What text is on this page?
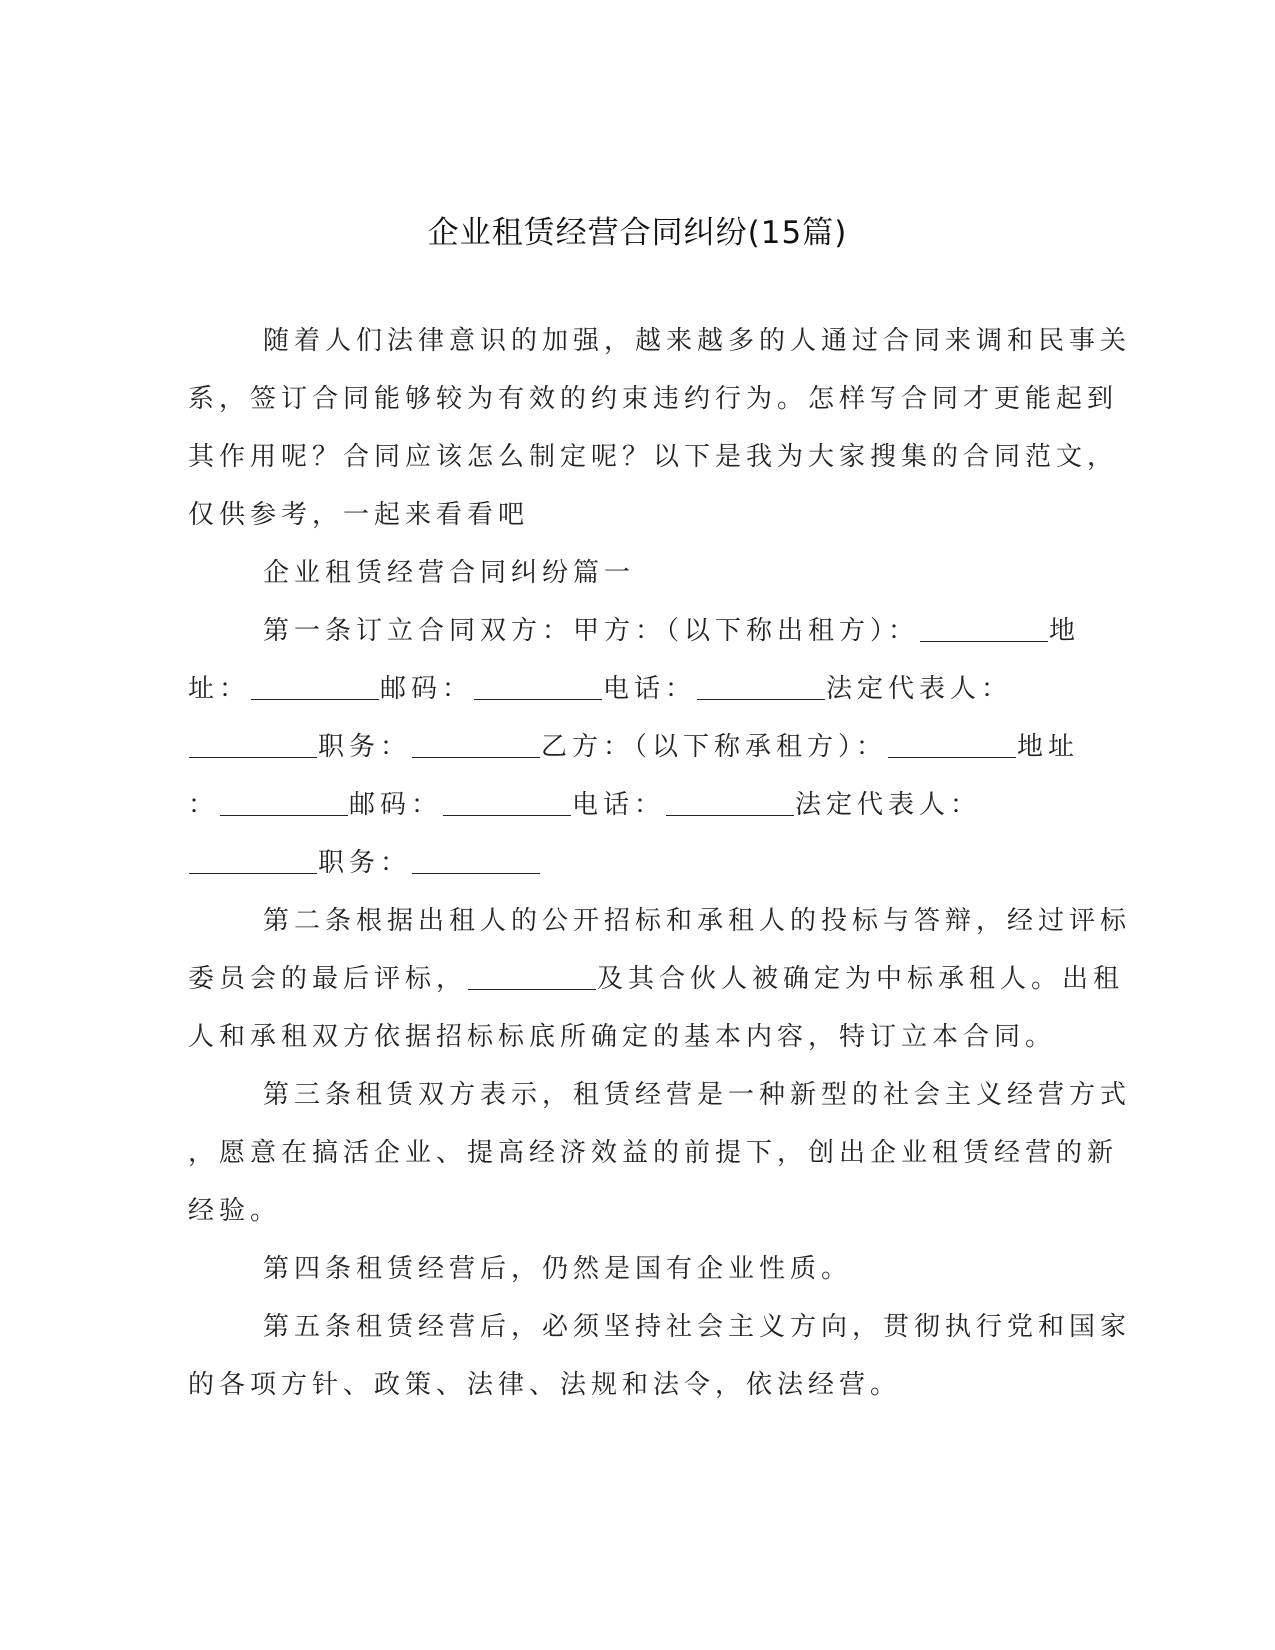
企业租赁经营合同纠纷(15篇)
随着人们法律意识的加强，越来越多的人通过合同来调和民事关
系，签订合同能够较为有效的约束违约行为。怎样写合同才更能起到
其作用呢？合同应该怎么制定呢？以下是我为大家搜集的合同范文，
仅供参考，一起来看看吧
企业租赁经营合同纠纷篇一
第一条订立合同双方：甲方：（以下称出租方）：	地
址：	邮码：	电话：	法定代表人：
职务：	乙方：（以下称承租方）：	地址
：	邮码：	电话：	法定代表人：
职务：
第二条根据出租人的公开招标和承租人的投标与答辩，经过评标
委员会的最后评标，	及其合伙人被确定为中标承租人。出租
人和承租双方依据招标标底所确定的基本内容，特订立本合同。
第三条租赁双方表示，租赁经营是一种新型的社会主义经营方式
，愿意在搞活企业、提高经济效益的前提下，创出企业租赁经营的新
经验。
第四条租赁经营后，仍然是国有企业性质。
第五条租赁经营后，必须坚持社会主义方向，贯彻执行党和国家
的各项方针、政策、法律、法规和法令，依法经营。
